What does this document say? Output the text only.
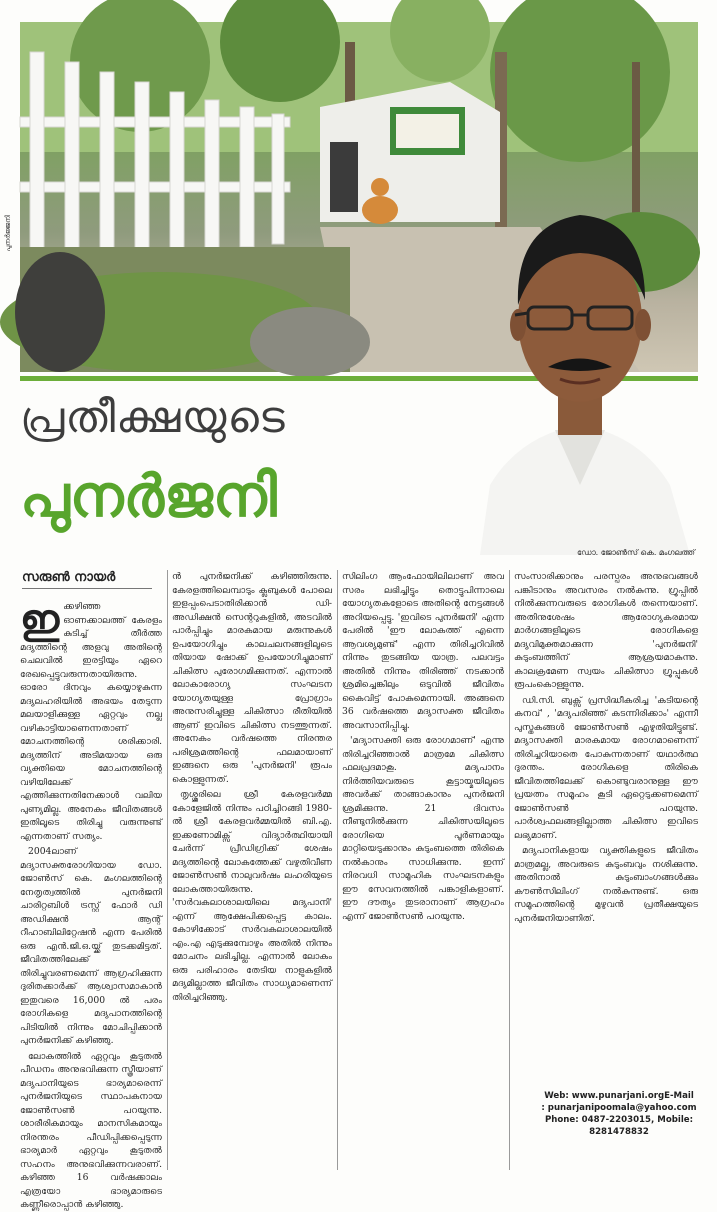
പുനർജ്ജനി
പ്രതീക്ഷയുടെ
പുനർജനി
ഡോ. ജോൺസ് കെ. മംഗലത്ത്
സരുൺ നായർ
ഇ ക്കഴിഞ്ഞ ഓണക്കാലത്ത് കേരളം കുടിച്ച് തീർത്ത മദ്യത്തിന്റെ അളവു അതിന്റെ ചെലവിൽ ഇരട്ടിയും ഏറെ രേഖപ്പെട്ടുവരുന്നതായിരുന്നു. ഓരോ ദിനവും കയ്യൊഴുകുന്ന മദ്യലഹരിയിൽ അഭയം തേടുന്ന മലയാളിക്കുള്ള ഏറ്റവും നല്ല വഴികാട്ടിയാണെന്നതാണ് മോചനത്തിന്റെ ശരിക്കാരി. മദ്യത്തിന് അടിമയായ ഒരു വ്യക്തിയെ മോചനത്തിന്റെ വഴിയിലേക്ക് എത്തിക്കുന്നതിനേക്കാൾ വലിയ പുണ്യമില്ല. അനേകം ജീവിതങ്ങൾ ഇതിലൂടെ തിരിച്ചു വരുന്നുണ്ട് എന്നതാണ് സത്യം.

2004ലാണ് മദ്യാസക്തരോഗിയായ ഡോ. ജോൺസ് കെ. മംഗലത്തിന്റെ നേതൃത്വത്തിൽ പുനർജനി ചാരിറ്റബിൾ ട്രസ്റ്റ് ഫോർ ഡി അഡിക്ഷൻ ആന്റ് റീഹാബിലിറ്റേഷൻ എന്ന പേരിൽ ഒരു എൻ.ജി.ഒ.യ്ക്ക് തുടക്കമിട്ടത്. ജീവിതത്തിലേക്ക് തിരിച്ചുവരണമെന്ന് ആഗ്രഹിക്കുന്ന ദുരിതക്കാർക്ക് ആശ്വാസമാകാൻ ഇതുവരെ 16,000 ൽ പരം രോഗികളെ മദ്യപാനത്തിന്റെ പിടിയിൽ നിന്നും മോചിപ്പിക്കാൻ പുനർജനിക്ക് കഴിഞ്ഞു.

ലോകത്തിൽ ഏറ്റവും കൂടുതൽ പീഡനം അനുഭവിക്കുന്ന സ്ത്രീയാണ് മദ്യപാനിയുടെ ഭാര്യമാരെന്ന് പുനർജനിയുടെ സ്ഥാപകനായ ജോൺസൺ പറയുന്നു. ശാരീരികമായും മാനസികമായും നിരന്തരം പീഡിപ്പിക്കപ്പെടുന്ന ഭാര്യമാർ ഏറ്റവും കൂടുതൽ സഹനം അനുഭവിക്കുന്നവരാണ്. കഴിഞ്ഞ 16 വർഷക്കാലം എത്രയോ ഭാര്യമാരുടെ കണ്ണീരൊപ്പാൻ കഴിഞ്ഞു.

ൻ പുനർജനിക്ക് കഴിഞ്ഞിരുന്നു. കേരളത്തിലെമ്പാടും ക്ലബുകൾ പോലെ ഇളപ്പംപെടാതിരിക്കാൻ ഡി-അഡിക്ഷൻ സെന്ററുകളിൽ, അടവിൽ പാർപ്പിച്ചും മാരകമായ മരുന്നുകൾ ഉപയോഗിച്ചും കാലചലനങ്ങളിലൂടെ തിയായ ഷോക്ക് ഉപയോഗിച്ചുമാണ് ചികിത്സ പുരോഗമിക്കുന്നത്. എന്നാൽ ലോകാരോഗ്യ സംഘടന യോഗ്യതയുള്ള പ്രോഗ്രാം അനുസരിച്ചുള്ള ചികിത്സാ രീതിയിൽ ആണ് ഇവിടെ ചികിത്സ നടത്തുന്നത്. അനേകം വർഷത്തെ നിരന്തര പരിശ്രമത്തിന്റെ ഫലമായാണ് ഇങ്ങനെ ഒരു 'പുനർജനി' രൂപം കൊള്ളുന്നത്.

തൃശ്ശൂരിലെ ശ്രീ കേരളവർമ്മ കോളേജിൽ നിന്നും പഠിച്ചിറങ്ങി 1980-ൽ ശ്രീ കേരളവർമ്മയിൽ ബി.എ. ഇക്കണോമിക്സ് വിദ്യാർത്ഥിയായി ചേർന്ന് പ്രീഡിഗ്രിക്ക് ശേഷം മദ്യത്തിന്റെ ലോകത്തേക്ക് വഴുതിവീണ ജോൺസൺ നാലുവർഷം ലഹരിയുടെ ലോകത്തായിരുന്നു. 'സർവകലാശാലയിലെ മദ്യപാനി' എന്ന് ആക്ഷേപിക്കപ്പെട്ട കാലം. കോഴിക്കോട് സർവകലാശാലയിൽ എം.എ എടുക്കുമ്പോഴും അതിൽ നിന്നും മോചനം ലഭിച്ചില്ല. എന്നാൽ ലോകം ഒരു പരിഹാരം തേടിയ നാളുകളിൽ മദ്യമില്ലാത്ത ജീവിതം സാധ്യമാണെന്ന് തിരിച്ചറിഞ്ഞു.

സിലിംഗ ആംഫോയിലിലാണ് അവ സരം ലഭിച്ചിട്ടും തൊട്ടുപിന്നാലെ യോഗ്യതകളോടെ അതിന്റെ നേട്ടങ്ങൾ അറിയപ്പെട്ടു. 'ഇവിടെ പുനർജനി' എന്ന പേരിൽ 'ഈ ലോകത്ത് എന്നെ ആവശ്യമുണ്ട്' എന്ന തിരിച്ചറിവിൽ നിന്നും തുടങ്ങിയ യാത്ര. പലവട്ടം അതിൽ നിന്നും തിരിഞ്ഞ് നടക്കാൻ ശ്രമിച്ചെങ്കിലും ഒടുവിൽ ജീവിതം കൈവിട്ട് പോകുമെന്നായി. അങ്ങനെ 36 വർഷത്തെ മദ്യാസക്ത ജീവിതം അവസാനിപ്പിച്ചു.

'മദ്യാസക്തി ഒരു രോഗമാണ്' എന്നു തിരിച്ചറിഞ്ഞാൽ മാത്രമേ ചികിത്സ ഫലപ്രദമാകൂ. മദ്യപാനം നിർത്തിയവരുടെ കൂട്ടായ്മയിലൂടെ അവർക്ക് താങ്ങാകാനും പുനർജനി ശ്രമിക്കുന്നു. 21 ദിവസം നീണ്ടുനിൽക്കുന്ന ചികിത്സയിലൂടെ രോഗിയെ പൂർണമായും മാറ്റിയെടുക്കാനും കുടുംബത്തെ തിരികെ നൽകാനും സാധിക്കുന്നു. ഇന്ന് നിരവധി സാമൂഹിക സംഘടനകളും ഈ സേവനത്തിൽ പങ്കാളികളാണ്. ഈ ദൗത്യം തുടരാനാണ് ആഗ്രഹം എന്ന് ജോൺസൺ പറയുന്നു.

സംസാരിക്കാനും പരസ്പരം അനുഭവങ്ങൾ പങ്കിടാനും അവസരം നൽകുന്നു. ഗ്രൂപ്പിൽ നിൽക്കുന്നവരുടെ രോഗികൾ തന്നെയാണ്. അതിനുശേഷം ആരോഗ്യകരമായ മാർഗങ്ങളിലൂടെ രോഗികളെ മദ്യവിമുക്തമാക്കുന്ന 'പുനർജനി' കുടുംബത്തിന് ആശ്രയമാകുന്നു. കാലക്രമേണ സ്വയം ചികിത്സാ ഗ്രൂപ്പുകൾ രൂപംകൊള്ളുന്നു.

ഡി.സി. ബുക്സ് പ്രസിദ്ധീകരിച്ച 'കടിയന്റെ കനവ്' , 'മദ്യപരിഞ്ഞ് കടന്നിരിക്കാം' എന്നീ പുസ്തകങ്ങൾ ജോൺസൺ എഴുതിയിട്ടുണ്ട്. മദ്യാസക്തി മാരകമായ രോഗമാണെന്ന് തിരിച്ചറിയാതെ പോകുന്നതാണ് യഥാർത്ഥ ദുരന്തം. രോഗികളെ തിരികെ ജീവിതത്തിലേക്ക് കൊണ്ടുവരാനുള്ള ഈ പ്രയത്നം സമൂഹം കൂടി ഏറ്റെടുക്കണമെന്ന് ജോൺസൺ പറയുന്നു. പാർശ്വഫലങ്ങളില്ലാത്ത ചികിത്സ ഇവിടെ ലഭ്യമാണ്.

മദ്യപാനികളായ വ്യക്തികളുടെ ജീവിതം മാത്രമല്ല, അവരുടെ കുടുംബവും നശിക്കുന്നു. അതിനാൽ കുടുംബാംഗങ്ങൾക്കും കൗൺസിലിംഗ് നൽകുന്നുണ്ട്. ഒരു സമൂഹത്തിന്റെ മുഴുവൻ പ്രതീക്ഷയുടെ പുനർജനിയാണിത്.

Web: www.punarjani.orgE-Mail
: punarjanipoomala@yahoo.com
Phone: 0487-2203015, Mobile:
8281478832
